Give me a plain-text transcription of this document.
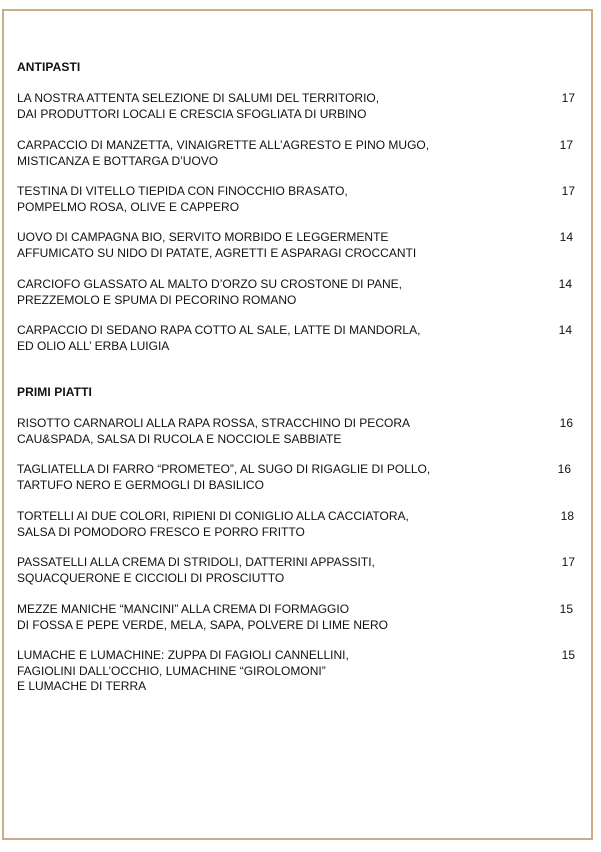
ANTIPASTI
LA NOSTRA ATTENTA SELEZIONE DI SALUMI DEL TERRITORIO,
DAI PRODUTTORI LOCALI E CRESCIA SFOGLIATA DI URBINO
17
CARPACCIO DI MANZETTA, VINAIGRETTE ALL’AGRESTO E PINO MUGO,
MISTICANZA E BOTTARGA D’UOVO
17
TESTINA DI VITELLO TIEPIDA CON FINOCCHIO BRASATO,
POMPELMO ROSA, OLIVE E CAPPERO
17
UOVO DI CAMPAGNA BIO, SERVITO MORBIDO E LEGGERMENTE
AFFUMICATO SU NIDO DI PATATE, AGRETTI E ASPARAGI CROCCANTI
14
CARCIOFO GLASSATO AL MALTO D’ORZO SU CROSTONE DI PANE,
PREZZEMOLO E SPUMA DI PECORINO ROMANO
14
CARPACCIO DI SEDANO RAPA COTTO AL SALE, LATTE DI MANDORLA,
ED OLIO ALL’ ERBA LUIGIA
14
PRIMI PIATTI
RISOTTO CARNAROLI ALLA RAPA ROSSA, STRACCHINO DI PECORA
CAU&SPADA, SALSA DI RUCOLA E NOCCIOLE SABBIATE
16
TAGLIATELLA DI FARRO “PROMETEO”, AL SUGO DI RIGAGLIE DI POLLO,
TARTUFO NERO E GERMOGLI DI BASILICO
16
TORTELLI AI DUE COLORI, RIPIENI DI CONIGLIO ALLA CACCIATORA,
SALSA DI POMODORO FRESCO E PORRO FRITTO
18
PASSATELLI ALLA CREMA DI STRIDOLI, DATTERINI APPASSITI,
SQUACQUERONE E CICCIOLI DI PROSCIUTTO
17
MEZZE MANICHE “MANCINI” ALLA CREMA DI FORMAGGIO
DI FOSSA E PEPE VERDE, MELA, SAPA, POLVERE DI LIME NERO
15
LUMACHE E LUMACHINE: ZUPPA DI FAGIOLI CANNELLINI,
FAGIOLINI DALL’OCCHIO, LUMACHINE “GIROLOMONI”
E LUMACHE DI TERRA
15
